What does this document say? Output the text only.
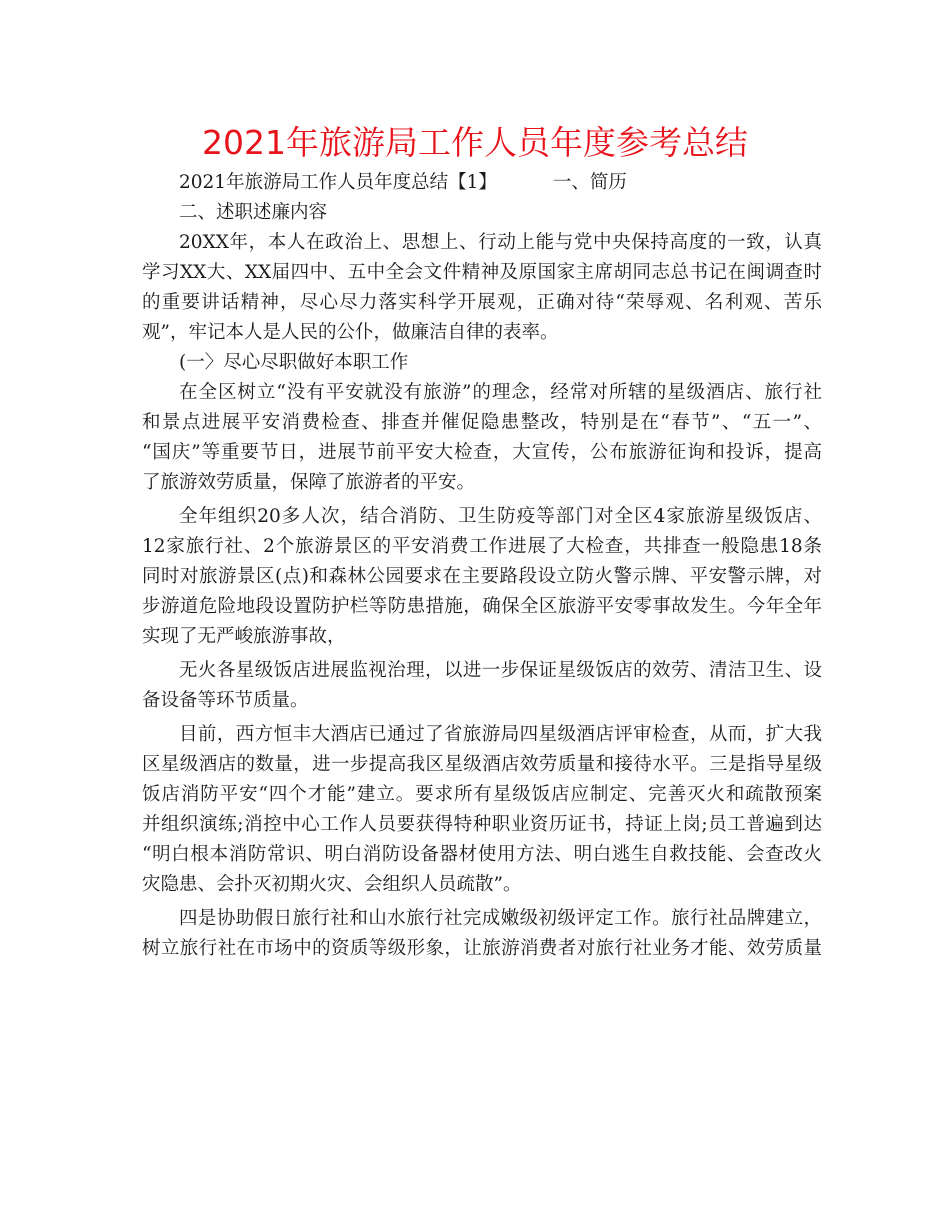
2021年旅游局工作人员年度参考总结
2021年旅游局工作人员年度总结【1】	一、简历
二、述职述廉内容
20XX年，本人在政治上、思想上、行动上能与党中央保持高度的一致，认真
学习XX大、XX届四中、五中全会文件精神及原国家主席胡同志总书记在闽调查时
的重要讲话精神，尽心尽力落实科学开展观，正确对待“荣辱观、名利观、苦乐
观”，牢记本人是人民的公仆，做廉洁自律的表率。
(一〉尽心尽职做好本职工作
在全区树立“没有平安就没有旅游”的理念，经常对所辖的星级酒店、旅行社
和景点进展平安消费检查、排查并催促隐患整改，特别是在“春节”、“五一”、
“国庆”等重要节日，进展节前平安大检查，大宣传，公布旅游征询和投诉，提高
了旅游效劳质量，保障了旅游者的平安。
全年组织20多人次，结合消防、卫生防疫等部门对全区4家旅游星级饭店、
12家旅行社、2个旅游景区的平安消费工作进展了大检查，共排查一般隐患18条
同时对旅游景区(点)和森林公园要求在主要路段设立防火警示牌、平安警示牌，对
步游道危险地段设置防护栏等防患措施，确保全区旅游平安零事故发生。今年全年
实现了无严峻旅游事故，
无火各星级饭店进展监视治理，以进一步保证星级饭店的效劳、清洁卫生、设
备设备等环节质量。
目前，西方恒丰大酒店已通过了省旅游局四星级酒店评审检查，从而，扩大我
区星级酒店的数量，进一步提高我区星级酒店效劳质量和接待水平。三是指导星级
饭店消防平安“四个才能”建立。要求所有星级饭店应制定、完善灭火和疏散预案
并组织演练;消控中心工作人员要获得特种职业资历证书，持证上岗;员工普遍到达
“明白根本消防常识、明白消防设备器材使用方法、明白逃生自救技能、会查改火
灾隐患、会扑灭初期火灾、会组织人员疏散”。
四是协助假日旅行社和山水旅行社完成嫩级初级评定工作。旅行社品牌建立，
树立旅行社在市场中的资质等级形象，让旅游消费者对旅行社业务才能、效劳质量
